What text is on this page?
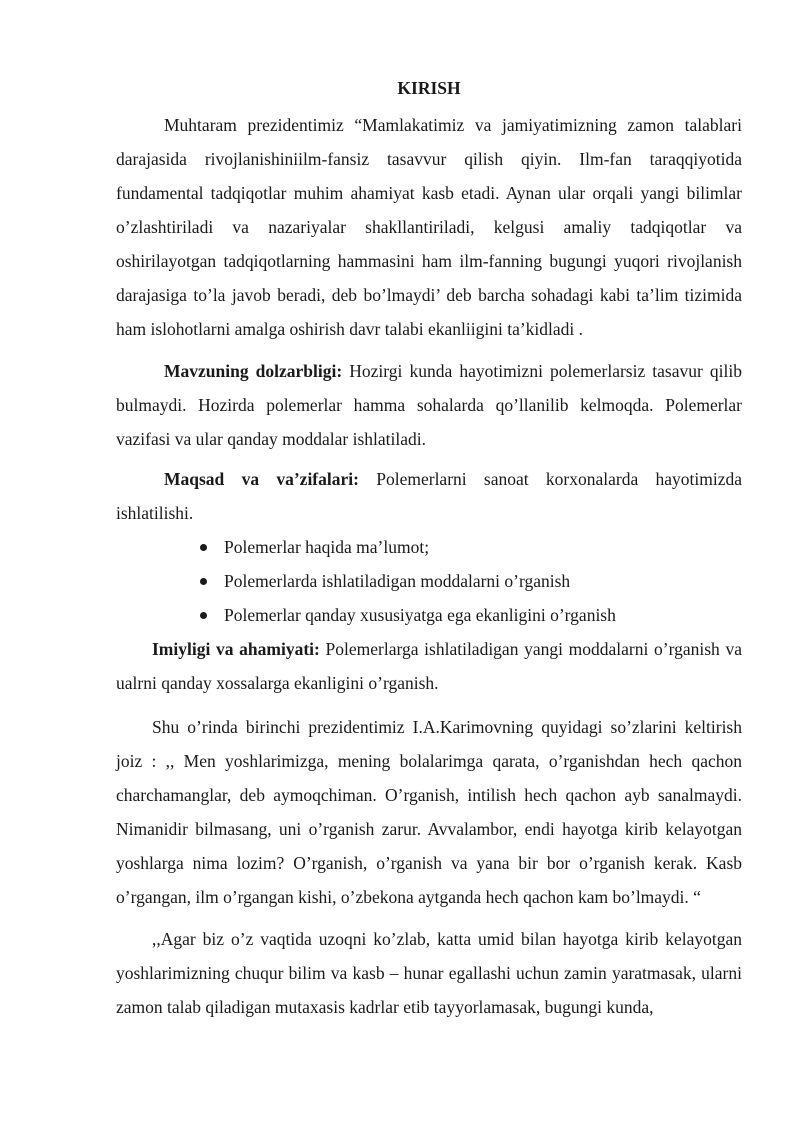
KIRISH

Muhtaram prezidentimiz “Mamlakatimiz va jamiyatimizning zamon talablari darajasida rivojlanishiniilm-fansiz tasavvur qilish qiyin. Ilm-fan taraqqiyotida fundamental tadqiqotlar muhim ahamiyat kasb etadi. Aynan ular orqali yangi bilimlar o’zlashtiriladi va nazariyalar shakllantiriladi, kelgusi amaliy tadqiqotlar va oshirilayotgan tadqiqotlarning hammasini ham ilm-fanning bugungi yuqori rivojlanish darajasiga to’la javob beradi, deb bo’lmaydi’ deb barcha sohadagi kabi ta’lim tizimida ham islohotlarni amalga oshirish davr talabi ekanliigini ta’kidladi .

Mavzuning dolzarbligi: Hozirgi kunda hayotimizni polemerlarsiz tasavur qilib bulmaydi. Hozirda polemerlar hamma sohalarda qo’llanilib kelmoqda. Polemerlar vazifasi va ular qanday moddalar ishlatiladi.

Maqsad va va’zifalari: Polemerlarni sanoat korxonalarda hayotimizda ishlatilishi.

Polemerlar haqida ma’lumot;
Polemerlarda ishlatiladigan moddalarni o’rganish
Polemerlar qanday xususiyatga ega ekanligini o’rganish

Imiyligi va ahamiyati: Polemerlarga ishlatiladigan yangi moddalarni o’rganish va ualrni qanday xossalarga ekanligini o’rganish.

Shu o’rinda birinchi prezidentimiz I.A.Karimovning quyidagi so’zlarini keltirish joiz : ,, Men yoshlarimizga, mening bolalarimga qarata, o’rganishdan hech qachon charchamanglar, deb aymoqchiman. O’rganish, intilish hech qachon ayb sanalmaydi. Nimanidir bilmasang, uni o’rganish zarur. Avvalambor, endi hayotga kirib kelayotgan yoshlarga nima lozim? O’rganish, o’rganish va yana bir bor o’rganish kerak. Kasb o’rgangan, ilm o’rgangan kishi, o’zbekona aytganda hech qachon kam bo’lmaydi. “

,,Agar biz o’z vaqtida uzoqni ko’zlab, katta umid bilan hayotga kirib kelayotgan yoshlarimizning chuqur bilim va kasb – hunar egallashi uchun zamin yaratmasak, ularni zamon talab qiladigan mutaxasis kadrlar etib tayyorlamasak, bugungi kunda,
